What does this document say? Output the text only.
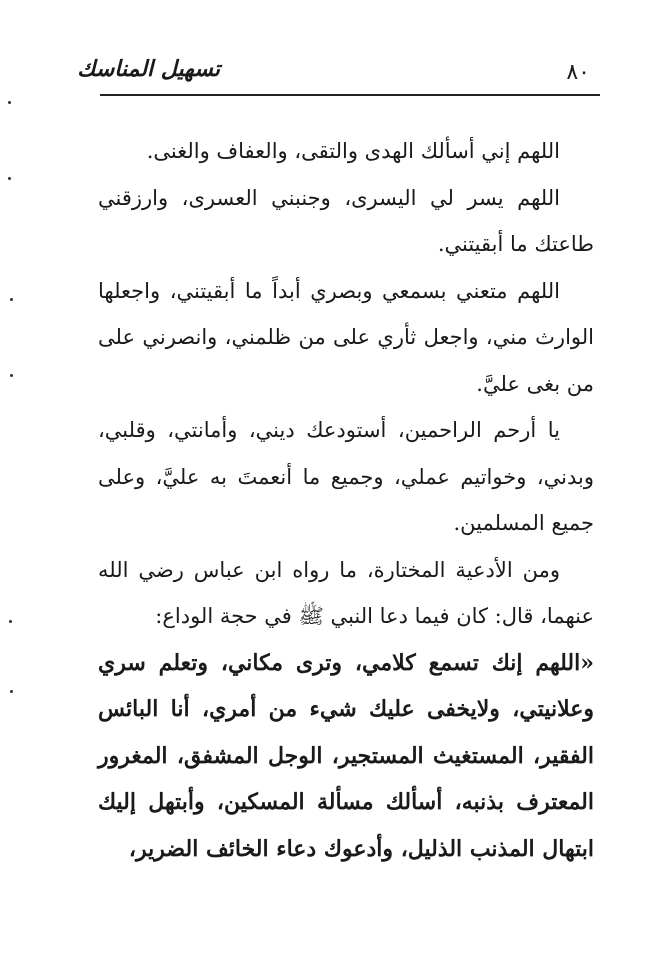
تسهيل المناسك	٨٠

اللهم إني أسألك الهدى والتقى، والعفاف والغنى.

اللهم يسر لي اليسرى، وجنبني العسرى، وارزقني طاعتك ما أبقيتني.

اللهم متعني بسمعي وبصري أبداً ما أبقيتني، واجعلها الوارث مني، واجعل ثأري على من ظلمني، وانصرني على من بغى عليَّ.

يا أرحم الراحمين، أستودعك ديني، وأمانتي، وقلبي، وبدني، وخواتيم عملي، وجميع ما أنعمتَ به عليَّ، وعلى جميع المسلمين.

ومن الأدعية المختارة، ما رواه ابن عباس رضي الله عنهما، قال: كان فيما دعا النبي ﷺ في حجة الوداع:

«اللهم إنك تسمع كلامي، وترى مكاني، وتعلم سري وعلانيتي، ولايخفى عليك شيء من أمري، أنا البائس الفقير، المستغيث المستجير، الوجل المشفق، المغرور المعترف بذنبه، أسألك مسألة المسكين، وأبتهل إليك ابتهال المذنب الذليل، وأدعوك دعاء الخائف الضرير،
